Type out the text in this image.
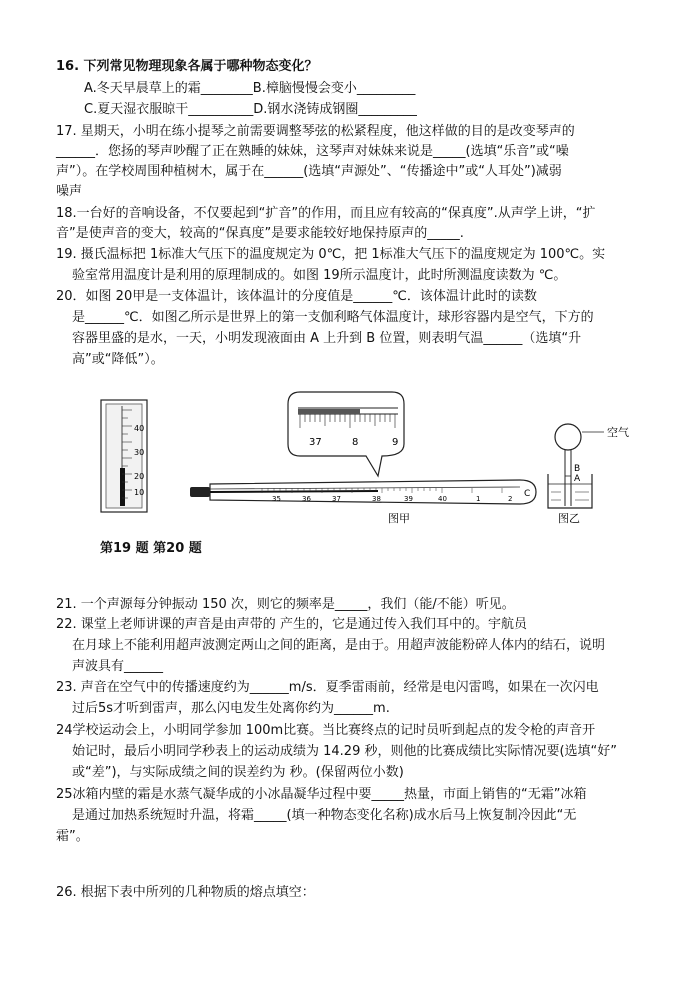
16. 下列常见物理现象各属于哪种物态变化？
A.冬天早晨草上的霜________B.樟脑慢慢会变小_________
C.夏天湿衣服晾干__________D.钢水浇铸成钢圈_________
17. 星期天，小明在练小提琴之前需要调整琴弦的松紧程度，他这样做的目的是改变琴声的
______．您扬的琴声吵醒了正在熟睡的妹妹，这琴声对妹妹来说是_____(选填“乐音”或“噪
声”）。在学校周围种植树木，属于在______(选填“声源处”、“传播途中”或“人耳处”)减弱
噪声
18.一台好的音响设备，不仅要起到“扩音”的作用，而且应有较高的“保真度”.从声学上讲，“扩
音”是使声音的变大，较高的“保真度”是要求能较好地保持原声的_____.
19. 摄氏温标把 1标准大气压下的温度规定为 0℃，把 1标准大气压下的温度规定为 100℃。实
验室常用温度计是利用的原理制成的。如图 19所示温度计，此时所测温度读数为 ℃。
20．如图 20甲是一支体温计，该体温计的分度值是______℃．该体温计此时的读数
是______℃．如图乙所示是世界上的第一支伽利略气体温度计，球形容器内是空气，下方的
容器里盛的是水，一天，小明发现液面由 A 上升到 B 位置，则表明气温______（选填“升
高”或“降低”）。
40
30
20
10
37	8	9
35	36	37	38	39	40	1	2 C
图甲
空气
B
A
图乙
第19 题 第20 题
21. 一个声源每分钟振动 150 次，则它的频率是_____，我们（能/不能）听见。
22. 课堂上老师讲课的声音是由声带的 产生的，它是通过传入我们耳中的。宇航员
在月球上不能利用超声波测定两山之间的距离，是由于。用超声波能粉碎人体内的结石，说明
声波具有______
23. 声音在空气中的传播速度约为______m/s．夏季雷雨前，经常是电闪雷鸣，如果在一次闪电
过后5s才听到雷声，那么闪电发生处离你约为______m.
24学校运动会上，小明同学参加 100m比赛。当比赛终点的记时员听到起点的发令枪的声音开
始记时，最后小明同学秒表上的运动成绩为 14.29 秒，则他的比赛成绩比实际情况要(选填“好”
或“差”)，与实际成绩之间的误差约为 秒。(保留两位小数)
25冰箱内壁的霜是水蒸气凝华成的小冰晶凝华过程中要_____热量，市面上销售的“无霜”冰箱
是通过加热系统短时升温，将霜_____(填一种物态变化名称)成水后马上恢复制冷因此“无
霜”。
26. 根据下表中所列的几种物质的熔点填空：
